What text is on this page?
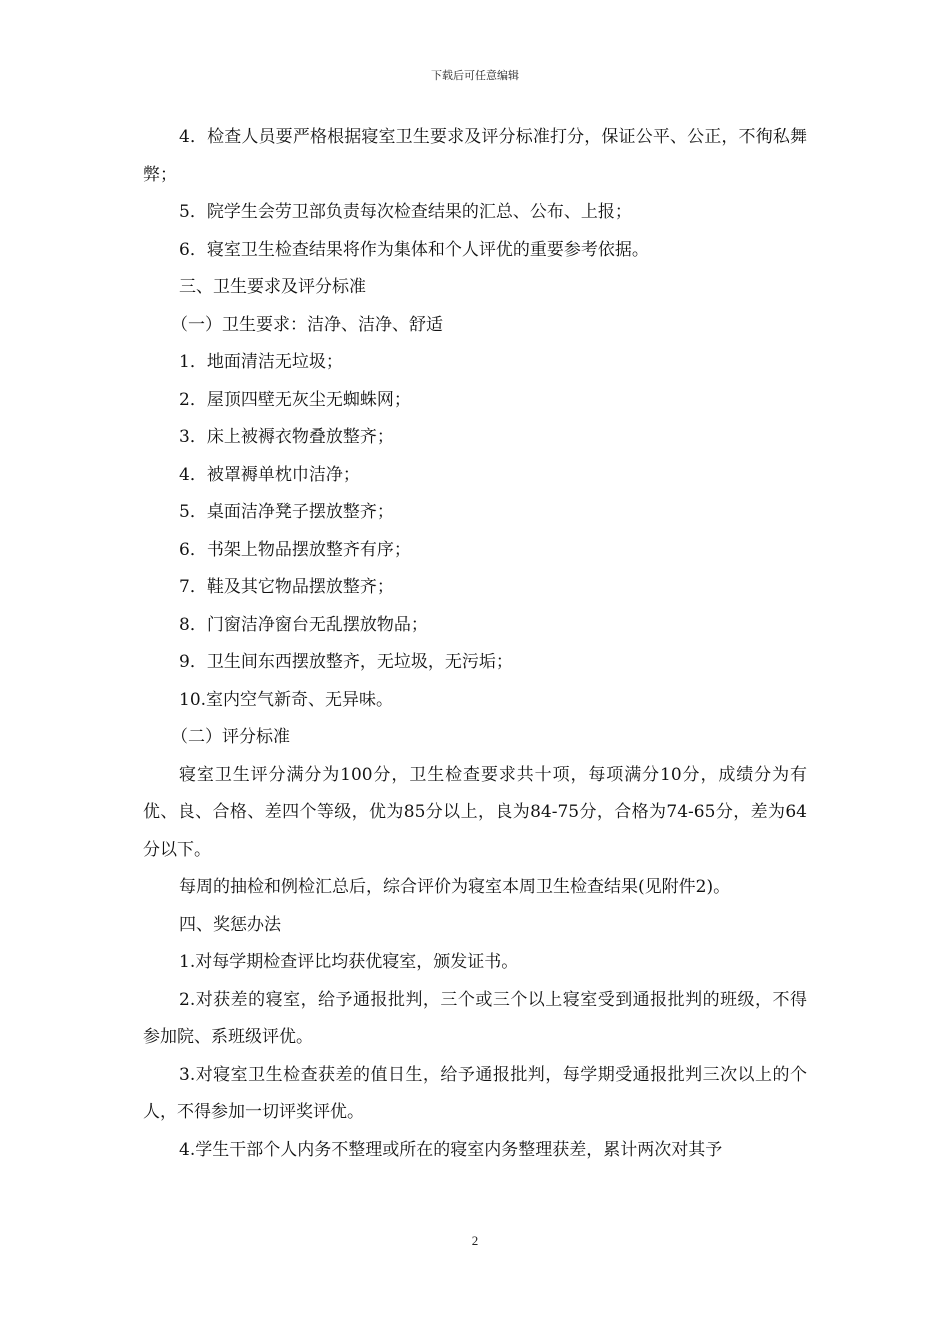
下载后可任意编辑

4．检查人员要严格根据寝室卫生要求及评分标准打分，保证公平、公正，不徇私舞弊；

5．院学生会劳卫部负责每次检查结果的汇总、公布、上报；

6．寝室卫生检查结果将作为集体和个人评优的重要参考依据。

三、卫生要求及评分标准

（一）卫生要求：洁净、洁净、舒适

1．地面清洁无垃圾；

2．屋顶四壁无灰尘无蜘蛛网；

3．床上被褥衣物叠放整齐；

4．被罩褥单枕巾洁净；

5．桌面洁净凳子摆放整齐；

6．书架上物品摆放整齐有序；

7．鞋及其它物品摆放整齐；

8．门窗洁净窗台无乱摆放物品；

9．卫生间东西摆放整齐，无垃圾，无污垢；

10.室内空气新奇、无异味。

（二）评分标准

寝室卫生评分满分为100分，卫生检查要求共十项，每项满分10分，成绩分为有优、良、合格、差四个等级，优为85分以上，良为84-75分，合格为74-65分，差为64分以下。

每周的抽检和例检汇总后，综合评价为寝室本周卫生检查结果(见附件2)。

四、奖惩办法

1.对每学期检查评比均获优寝室，颁发证书。

2.对获差的寝室，给予通报批判，三个或三个以上寝室受到通报批判的班级，不得参加院、系班级评优。

3.对寝室卫生检查获差的值日生，给予通报批判，每学期受通报批判三次以上的个人，不得参加一切评奖评优。

4.学生干部个人内务不整理或所在的寝室内务整理获差，累计两次对其予

2
